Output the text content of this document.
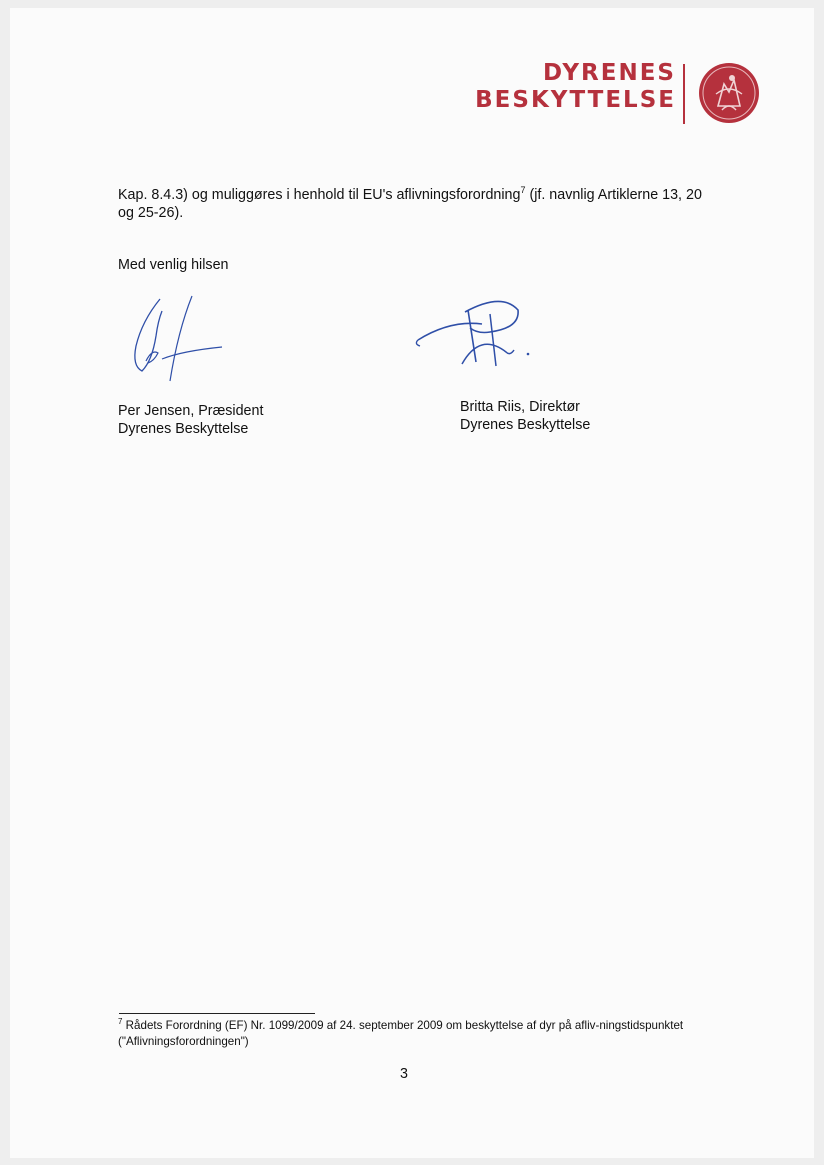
DYRENES
BESKYTTELSE
Kap. 8.4.3) og muliggøres i henhold til EU's aflivningsforordning$^7$ (jf. navnlig Artiklerne 13, 20 og 25-26).
Med venlig hilsen
Per Jensen, Præsident
Dyrenes Beskyttelse
Britta Riis, Direktør
Dyrenes Beskyttelse
$^7$ Rådets Forordning (EF) Nr. 1099/2009 af 24. september 2009 om beskyttelse af dyr på afliv-ningstidspunktet ("Aflivningsforordningen")
3
